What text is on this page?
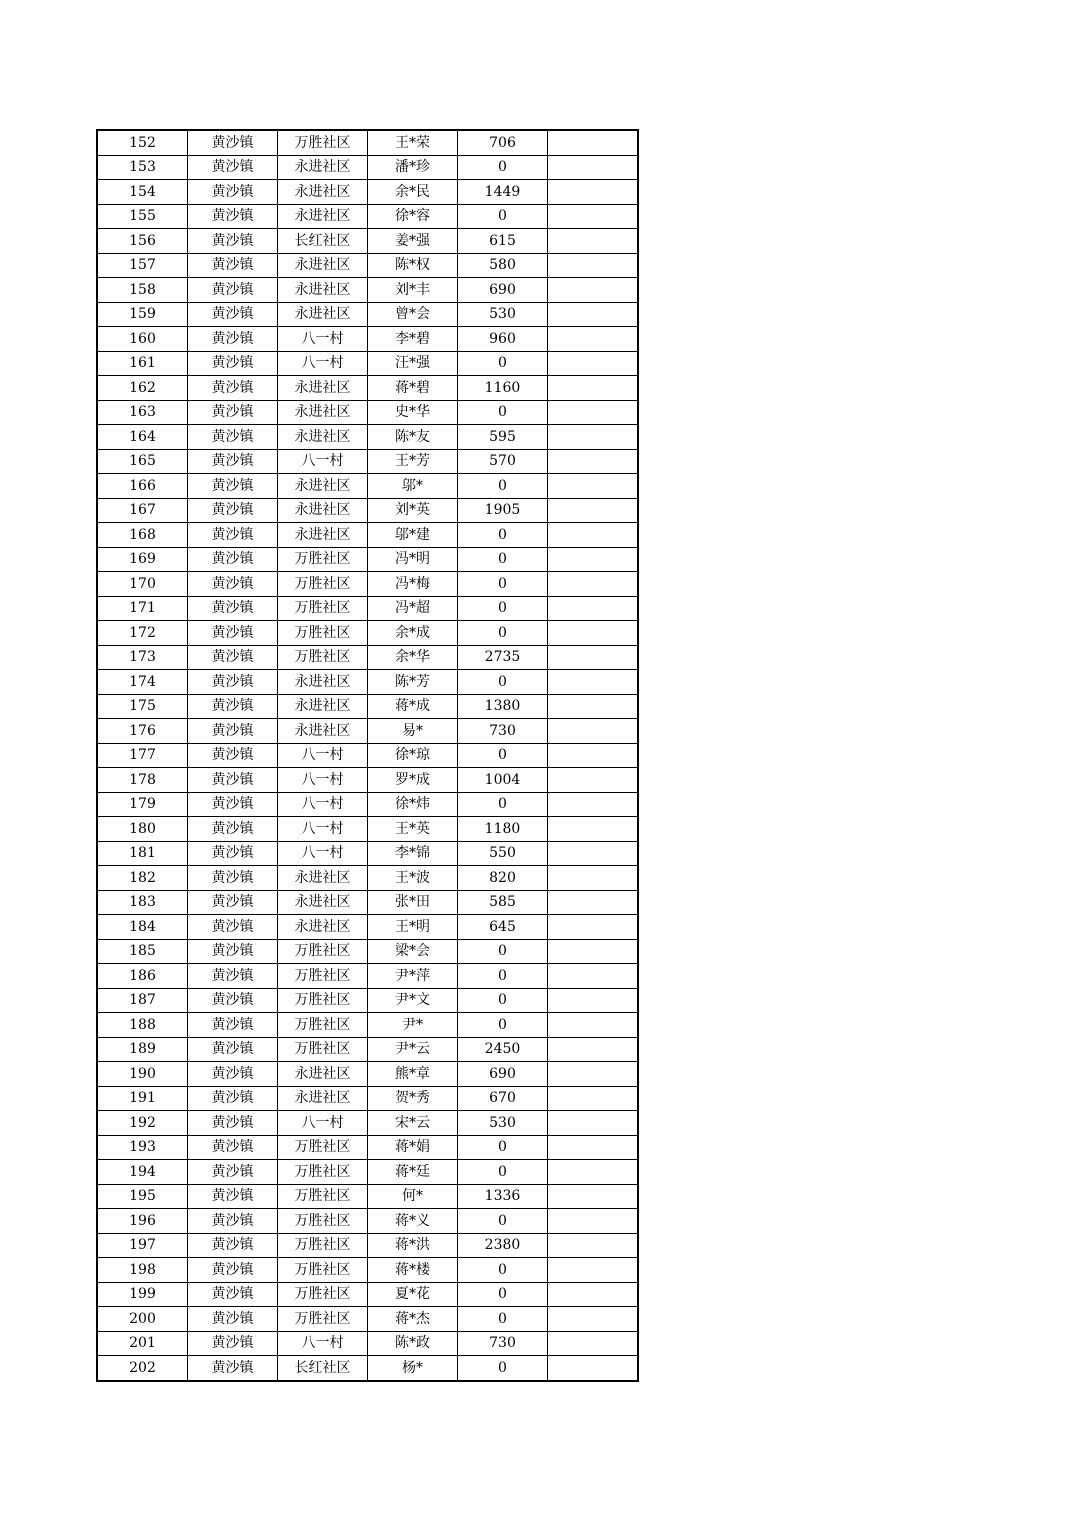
152	黄沙镇	万胜社区	王*荣	706	
153	黄沙镇	永进社区	潘*珍	0	
154	黄沙镇	永进社区	余*民	1449	
155	黄沙镇	永进社区	徐*容	0	
156	黄沙镇	长红社区	姜*强	615	
157	黄沙镇	永进社区	陈*权	580	
158	黄沙镇	永进社区	刘*丰	690	
159	黄沙镇	永进社区	曾*会	530	
160	黄沙镇	八一村	李*碧	960	
161	黄沙镇	八一村	汪*强	0	
162	黄沙镇	永进社区	蒋*碧	1160	
163	黄沙镇	永进社区	史*华	0	
164	黄沙镇	永进社区	陈*友	595	
165	黄沙镇	八一村	王*芳	570	
166	黄沙镇	永进社区	邬*	0	
167	黄沙镇	永进社区	刘*英	1905	
168	黄沙镇	永进社区	邬*建	0	
169	黄沙镇	万胜社区	冯*明	0	
170	黄沙镇	万胜社区	冯*梅	0	
171	黄沙镇	万胜社区	冯*超	0	
172	黄沙镇	万胜社区	余*成	0	
173	黄沙镇	万胜社区	余*华	2735	
174	黄沙镇	永进社区	陈*芳	0	
175	黄沙镇	永进社区	蒋*成	1380	
176	黄沙镇	永进社区	易*	730	
177	黄沙镇	八一村	徐*琼	0	
178	黄沙镇	八一村	罗*成	1004	
179	黄沙镇	八一村	徐*炜	0	
180	黄沙镇	八一村	王*英	1180	
181	黄沙镇	八一村	李*锦	550	
182	黄沙镇	永进社区	王*波	820	
183	黄沙镇	永进社区	张*田	585	
184	黄沙镇	永进社区	王*明	645	
185	黄沙镇	万胜社区	梁*会	0	
186	黄沙镇	万胜社区	尹*萍	0	
187	黄沙镇	万胜社区	尹*文	0	
188	黄沙镇	万胜社区	尹*	0	
189	黄沙镇	万胜社区	尹*云	2450	
190	黄沙镇	永进社区	熊*章	690	
191	黄沙镇	永进社区	贺*秀	670	
192	黄沙镇	八一村	宋*云	530	
193	黄沙镇	万胜社区	蒋*娟	0	
194	黄沙镇	万胜社区	蒋*廷	0	
195	黄沙镇	万胜社区	何*	1336	
196	黄沙镇	万胜社区	蒋*义	0	
197	黄沙镇	万胜社区	蒋*洪	2380	
198	黄沙镇	万胜社区	蒋*楼	0	
199	黄沙镇	万胜社区	夏*花	0	
200	黄沙镇	万胜社区	蒋*杰	0	
201	黄沙镇	八一村	陈*政	730	
202	黄沙镇	长红社区	杨*	0	
